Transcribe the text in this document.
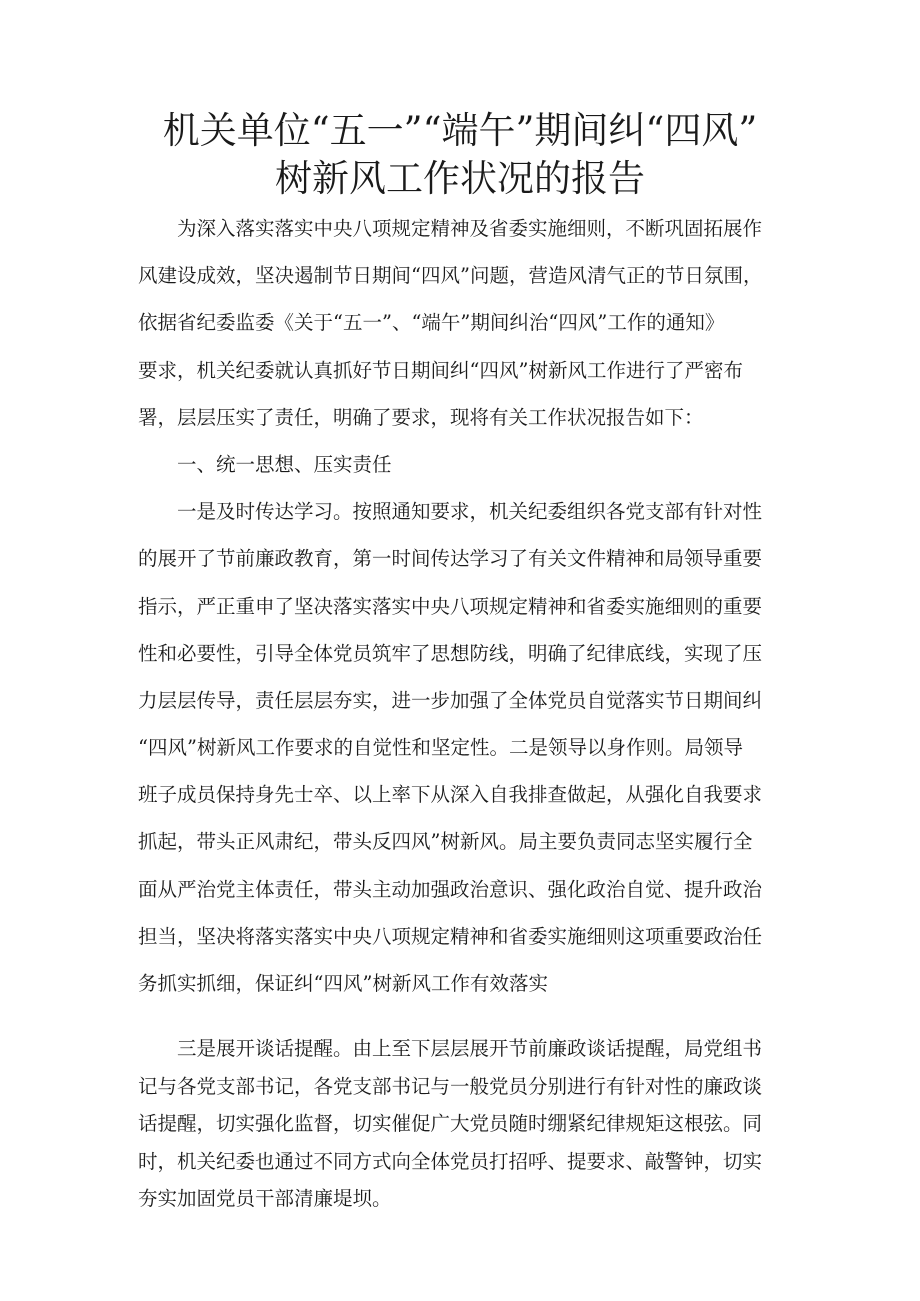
机关单位“五一”“端午”期间纠“四风”
树新风工作状况的报告
　　为深入落实落实中央八项规定精神及省委实施细则，不断巩固拓展作
风建设成效，坚决遏制节日期间“四风”问题，营造风清气正的节日氛围，
依据省纪委监委《关于“五一”、“端午”期间纠治“四风”工作的通知》
要求，机关纪委就认真抓好节日期间纠“四风”树新风工作进行了严密布
署，层层压实了责任，明确了要求，现将有关工作状况报告如下：
　　一、统一思想、压实责任
　　一是及时传达学习。按照通知要求，机关纪委组织各党支部有针对性
的展开了节前廉政教育，第一时间传达学习了有关文件精神和局领导重要
指示，严正重申了坚决落实落实中央八项规定精神和省委实施细则的重要
性和必要性，引导全体党员筑牢了思想防线，明确了纪律底线，实现了压
力层层传导，责任层层夯实，进一步加强了全体党员自觉落实节日期间纠
“四风”树新风工作要求的自觉性和坚定性。二是领导以身作则。局领导
班子成员保持身先士卒、以上率下从深入自我排查做起，从强化自我要求
抓起，带头正风肃纪，带头反四风”树新风。局主要负责同志坚实履行全
面从严治党主体责任，带头主动加强政治意识、强化政治自觉、提升政治
担当，坚决将落实落实中央八项规定精神和省委实施细则这项重要政治任
务抓实抓细，保证纠“四风”树新风工作有效落实
　　三是展开谈话提醒。由上至下层层展开节前廉政谈话提醒，局党组书
记与各党支部书记，各党支部书记与一般党员分别进行有针对性的廉政谈
话提醒，切实强化监督，切实催促广大党员随时绷紧纪律规矩这根弦。同
时，机关纪委也通过不同方式向全体党员打招呼、提要求、敲警钟，切实
夯实加固党员干部清廉堤坝。
